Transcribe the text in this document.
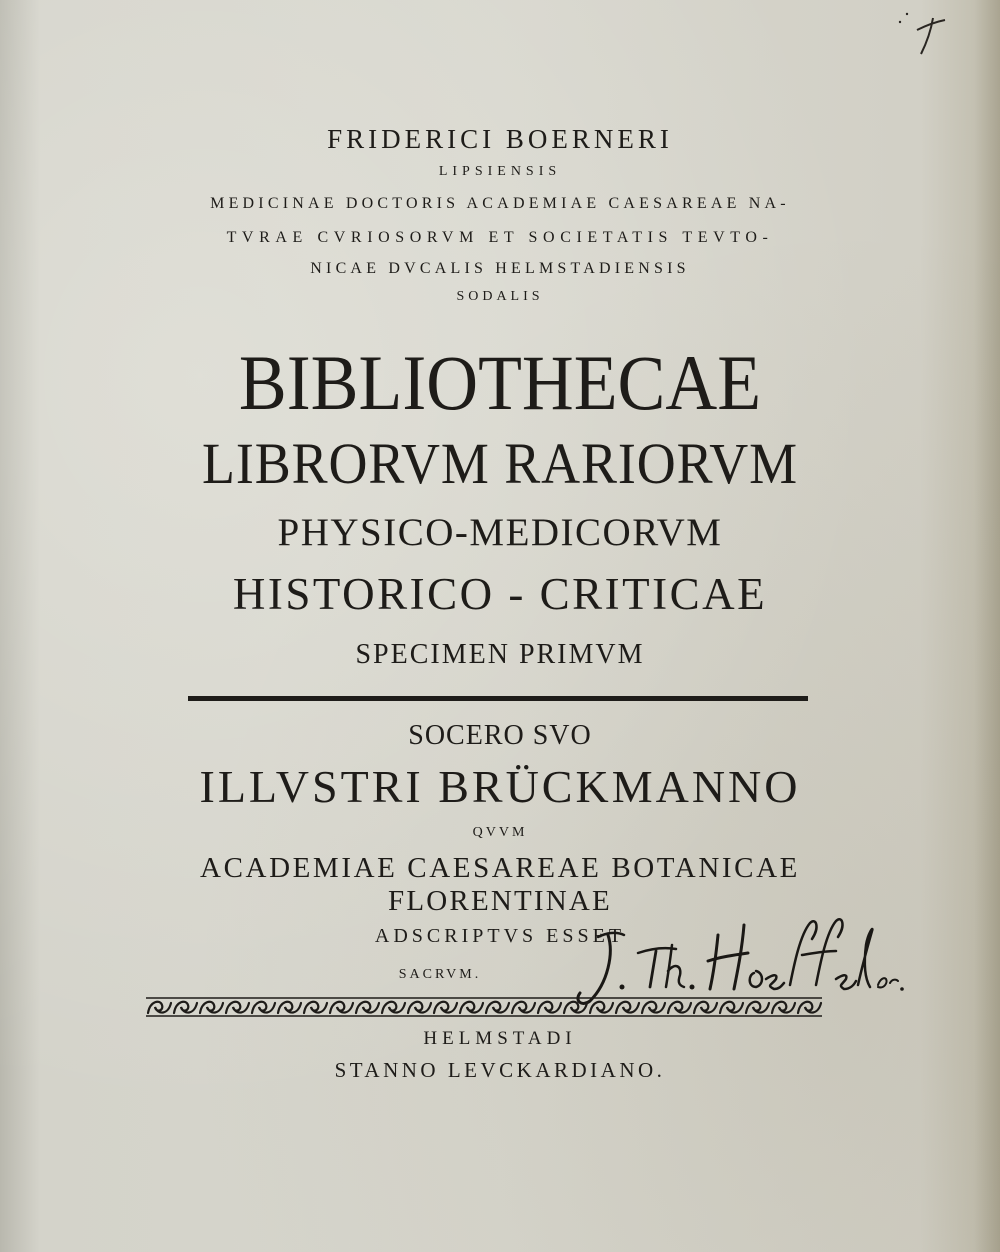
FRIDERICI BOERNERI
LIPSIENSIS
MEDICINAE DOCTORIS ACADEMIAE CAESAREAE NA-
TVRAE CVRIOSORVM ET SOCIETATIS TEVTO-
NICAE DVCALIS HELMSTADIENSIS
SODALIS
BIBLIOTHECAE
LIBRORVM RARIORVM
PHYSICO-MEDICORVM
HISTORICO - CRITICAE
SPECIMEN PRIMVM
SOCERO SVO
ILLVSTRI BRÜCKMANNO
QVVM
ACADEMIAE CAESAREAE BOTANICAE
FLORENTINAE
ADSCRIPTVS ESSET
SACRVM.
HELMSTADI
STANNO LEVCKARDIANO.
